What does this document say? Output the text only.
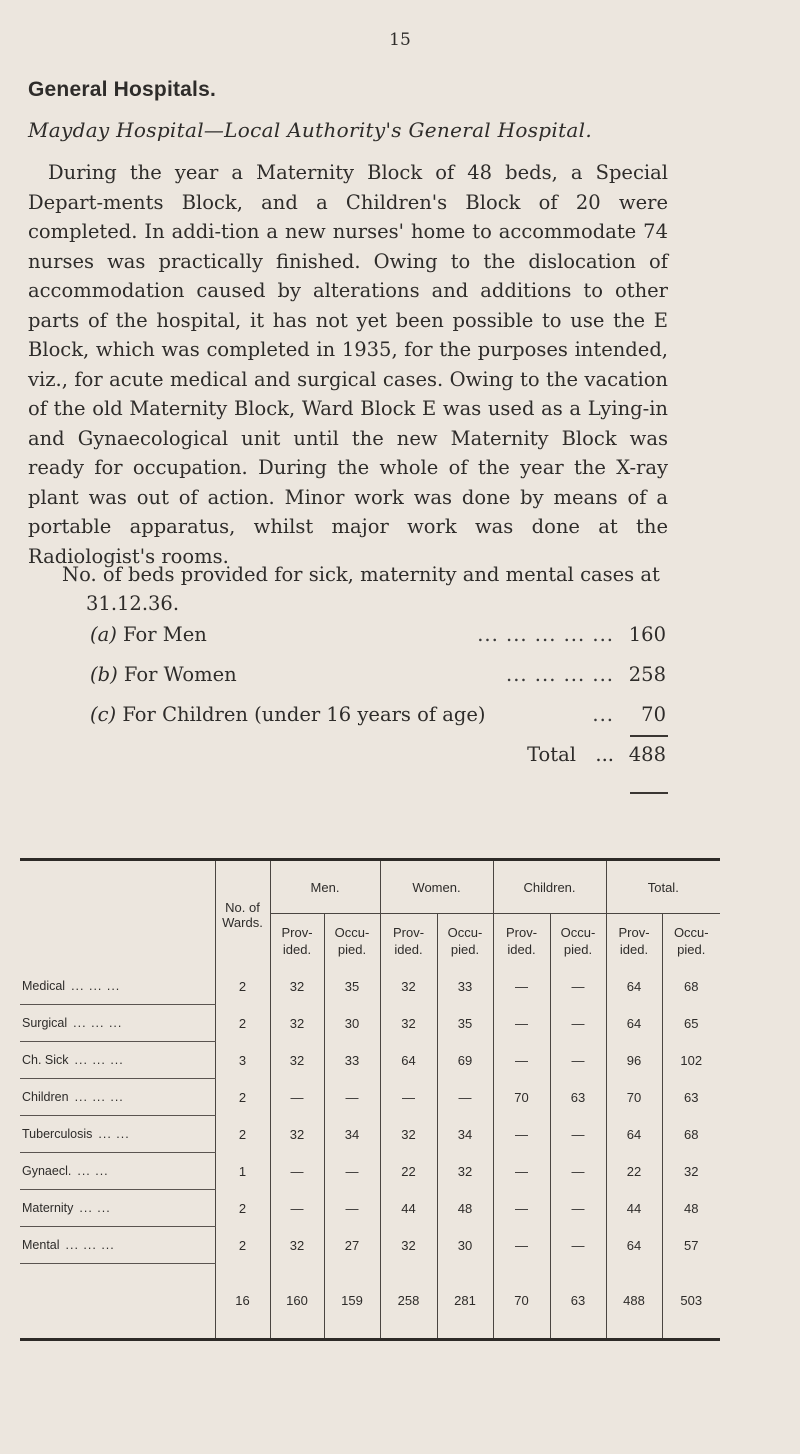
15
General Hospitals.
Mayday Hospital—Local Authority's General Hospital.

During the year a Maternity Block of 48 beds, a Special Depart-ments Block, and a Children's Block of 20 were completed. In addi-tion a new nurses' home to accommodate 74 nurses was practically finished. Owing to the dislocation of accommodation caused by alterations and additions to other parts of the hospital, it has not yet been possible to use the E Block, which was completed in 1935, for the purposes intended, viz., for acute medical and surgical cases. Owing to the vacation of the old Maternity Block, Ward Block E was used as a Lying-in and Gynaecological unit until the new Maternity Block was ready for occupation. During the whole of the year the X-ray plant was out of action. Minor work was done by means of a portable apparatus, whilst major work was done at the Radiologist's rooms.

No. of beds provided for sick, maternity and mental cases at
31.12.36.
(a) For Men	... ... ... ... ... 160
(b) For Women	... ... ... ... 258
(c) For Children (under 16 years of age)	... 70
Total ... 488
	No. of Wards.	Men.		Women.		Children.		Total.	
		Prov-ided.	Occu-pied.	Prov-ided.	Occu-pied.	Prov-ided.	Occu-pied.	Prov-ided.	Occu-pied.
Medical ... ... ...	2	32	35	32	33	—	—	64	68
Surgical ... ... ...	2	32	30	32	35	—	—	64	65
Ch. Sick ... ... ...	3	32	33	64	69	—	—	96	102
Children ... ... ...	2	—	—	—	—	70	63	70	63
Tuberculosis ... ...	2	32	34	32	34	—	—	64	68
Gynaecl. ... ...	1	—	—	22	32	—	—	22	32
Maternity ... ...	2	—	—	44	48	—	—	44	48
Mental ... ... ...	2	32	27	32	30	—	—	64	57
	16	160	159	258	281	70	63	488	503
